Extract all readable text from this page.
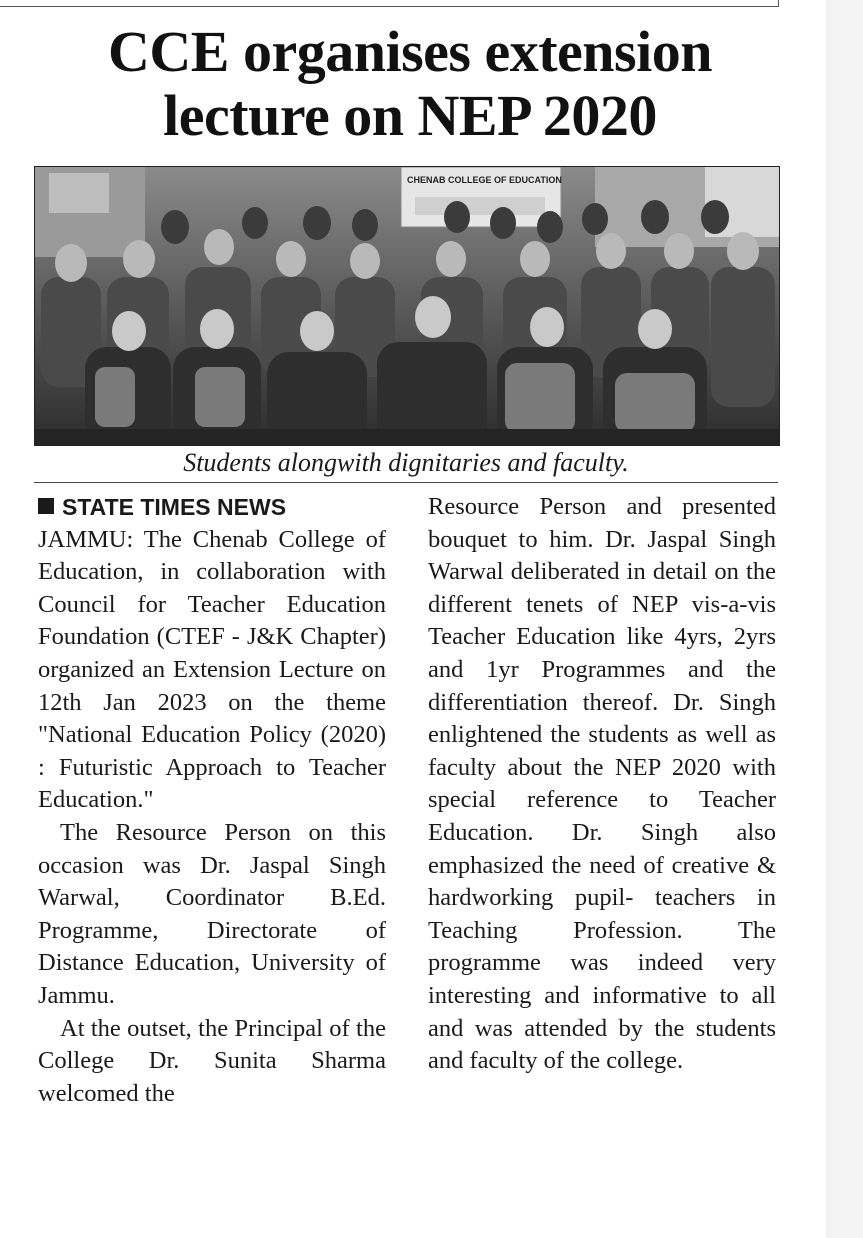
CCE organises extension lecture on NEP 2020
CHENAB COLLEGE OF EDUCATION
Students alongwith dignitaries and faculty.
STATE TIMES NEWS

JAMMU: The Chenab College of Education, in collaboration with Council for Teacher Education Foundation (CTEF - J&K Chapter) organized an Extension Lecture on 12th Jan 2023 on the theme "National Education Policy (2020) : Futuristic Approach to Teacher Education."

The Resource Person on this occasion was Dr. Jaspal Singh Warwal, Coordinator B.Ed. Programme, Directorate of Distance Education, University of Jammu.

At the outset, the Principal of the College Dr. Sunita Sharma welcomed the

Resource Person and presented bouquet to him. Dr. Jaspal Singh Warwal deliberated in detail on the different tenets of NEP vis-a-vis Teacher Education like 4yrs, 2yrs and 1yr Programmes and the differentiation thereof. Dr. Singh enlightened the students as well as faculty about the NEP 2020 with special reference to Teacher Education. Dr. Singh also emphasized the need of creative & hardworking pupil- teachers in Teaching Profession. The programme was indeed very interesting and informative to all and was attended by the students and faculty of the college.
